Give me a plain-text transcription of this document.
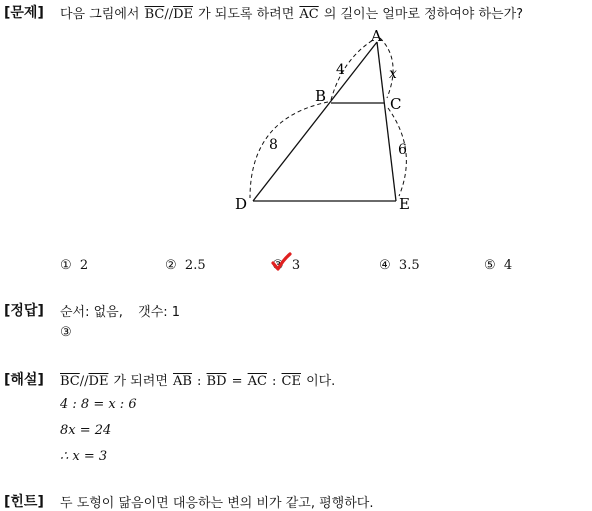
[문제] 다음 그림에서 $\overline{BC}//\overline{DE}$ 가 되도록 하려면 $\overline{AC}$ 의 길이는 얼마로 정하여야 하는가?
A
B	C
D	E
4	x
8	6
① 2	② 2.5	③ 3	④ 3.5	⑤ 4
[정답] 순서: 없음, 갯수: 1
③
[해설] $\overline{BC}//\overline{DE}$ 가 되려면 $\overline{AB}$ : $\overline{BD} = \overline{AC}$ : $\overline{CE}$ 이다.
4 : 8 = x : 6
8x = 24
∴ x = 3
[힌트] 두 도형이 닮음이면 대응하는 변의 비가 같고, 평행하다.
